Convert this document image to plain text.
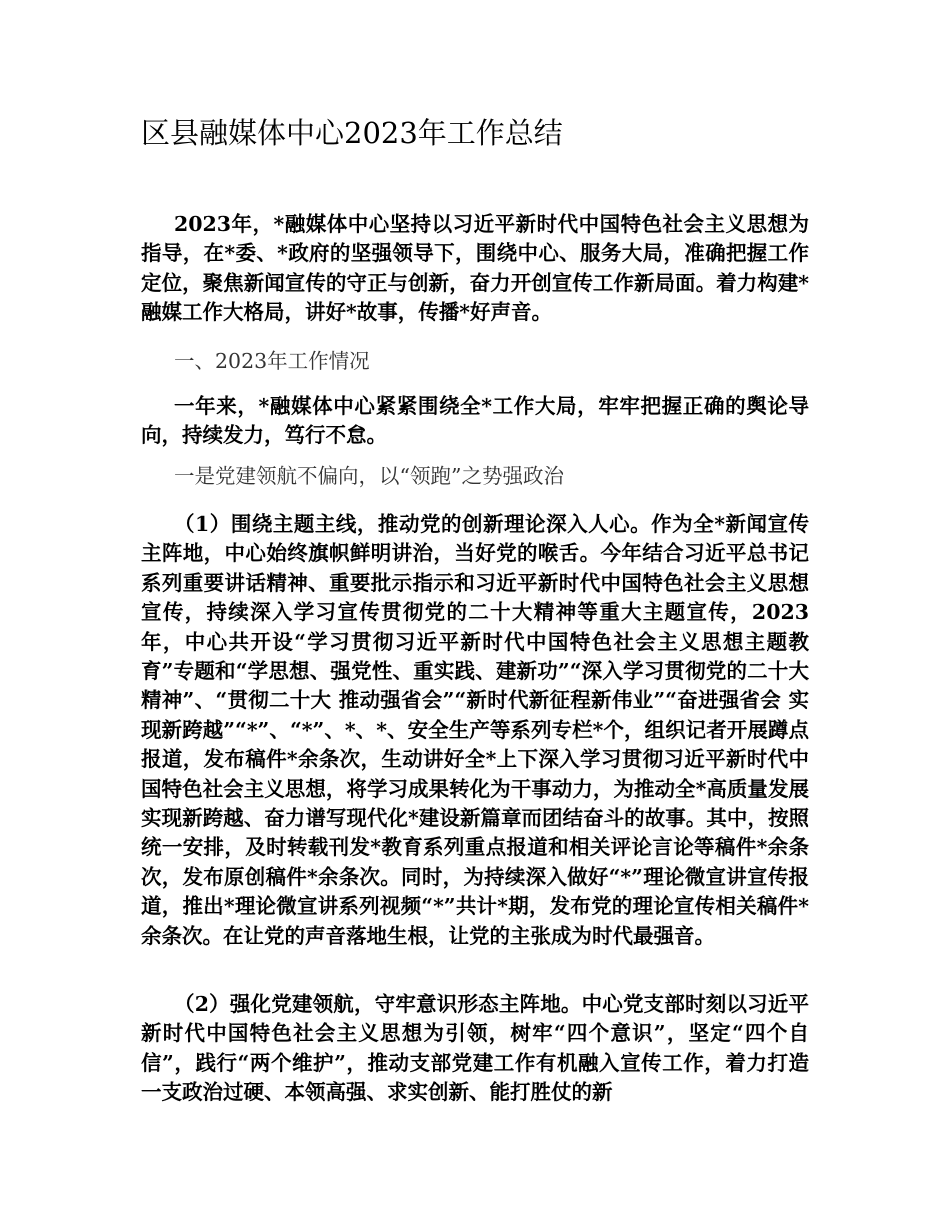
区县融媒体中心2023年工作总结

2023年，*融媒体中心坚持以习近平新时代中国特色社会主义思想为指导，在*委、*政府的坚强领导下，围绕中心、服务大局，准确把握工作定位，聚焦新闻宣传的守正与创新，奋力开创宣传工作新局面。着力构建*融媒工作大格局，讲好*故事，传播*好声音。

一、2023年工作情况

一年来，*融媒体中心紧紧围绕全*工作大局，牢牢把握正确的舆论导向，持续发力，笃行不怠。

一是党建领航不偏向，以“领跑”之势强政治

（1）围绕主题主线，推动党的创新理论深入人心。作为全*新闻宣传主阵地，中心始终旗帜鲜明讲治，当好党的喉舌。今年结合习近平总书记系列重要讲话精神、重要批示指示和习近平新时代中国特色社会主义思想宣传，持续深入学习宣传贯彻党的二十大精神等重大主题宣传，2023年，中心共开设“学习贯彻习近平新时代中国特色社会主义思想主题教育”专题和“学思想、强党性、重实践、建新功”“深入学习贯彻党的二十大精神”、“贯彻二十大 推动强省会”“新时代新征程新伟业”“奋进强省会 实现新跨越”“*”、“*”、*、*、安全生产等系列专栏*个，组织记者开展蹲点报道，发布稿件*余条次，生动讲好全*上下深入学习贯彻习近平新时代中国特色社会主义思想，将学习成果转化为干事动力，为推动全*高质量发展实现新跨越、奋力谱写现代化*建设新篇章而团结奋斗的故事。其中，按照统一安排，及时转载刊发*教育系列重点报道和相关评论言论等稿件*余条次，发布原创稿件*余条次。同时，为持续深入做好“*”理论微宣讲宣传报道，推出*理论微宣讲系列视频“*”共计*期，发布党的理论宣传相关稿件*余条次。在让党的声音落地生根，让党的主张成为时代最强音。

（2）强化党建领航，守牢意识形态主阵地。中心党支部时刻以习近平新时代中国特色社会主义思想为引领，树牢“四个意识”，坚定“四个自信”，践行“两个维护”，推动支部党建工作有机融入宣传工作，着力打造一支政治过硬、本领高强、求实创新、能打胜仗的新
